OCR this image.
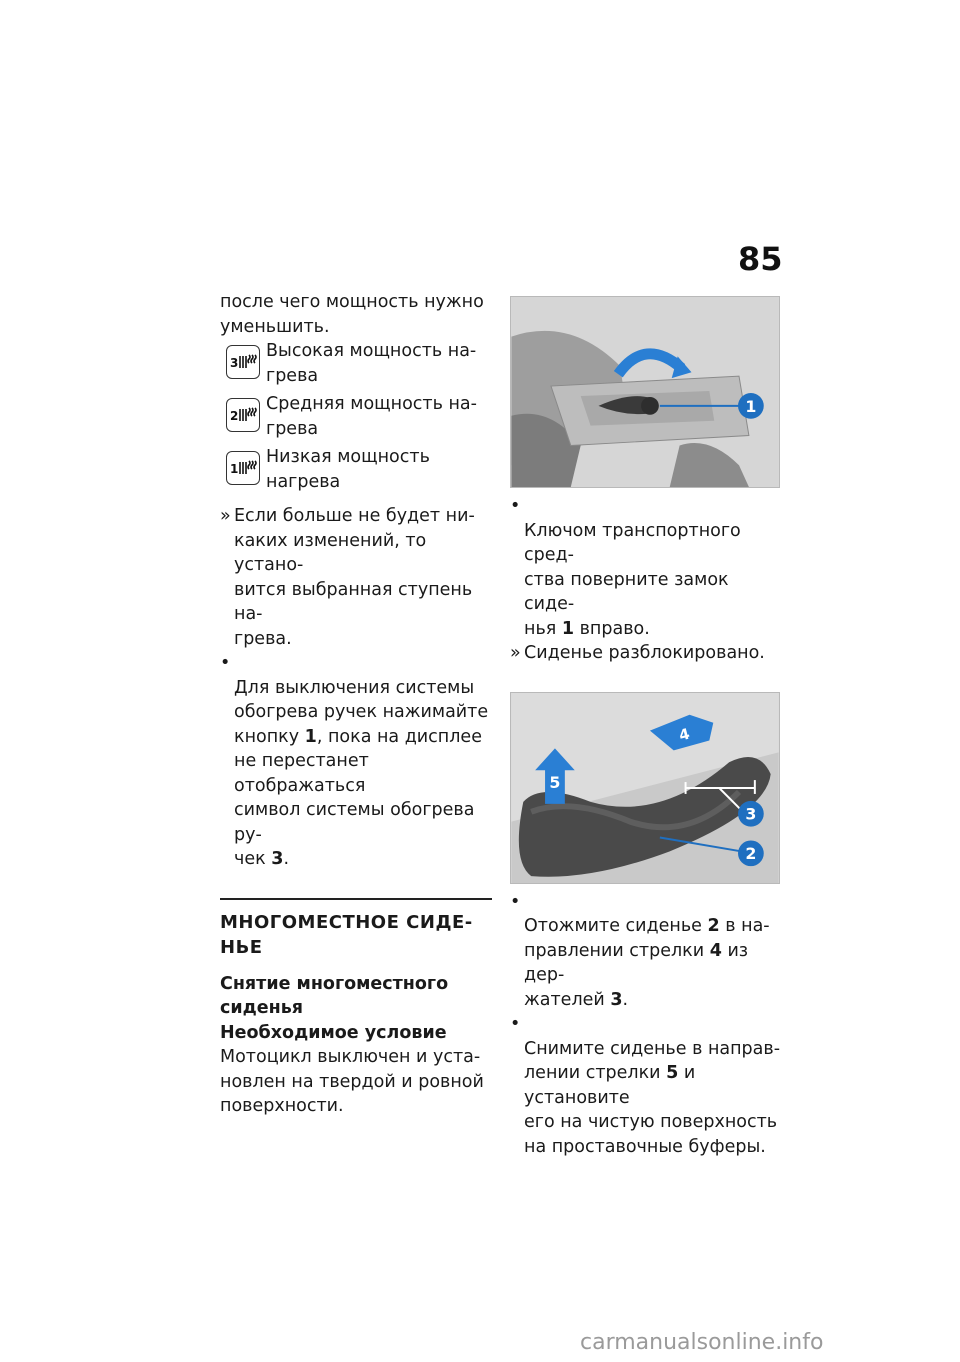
85

после чего мощность нужно
уменьшить.

3
Высокая мощность на-
грева
2
Средняя мощность на-
грева
1
Низкая мощность нагрева
» Если больше не будет ни-
каких изменений, то устано-
вится выбранная ступень на-
грева.

•
Для выключения системы
обогрева ручек нажимайте
кнопку 1, пока на дисплее
не перестанет отображаться
символ системы обогрева ру-
чек 3.

МНОГОМЕСТНОЕ СИДЕ-
НЬЕ
Снятие многоместного
сиденья
Необходимое условие

Мотоцикл выключен и уста-
новлен на твердой и ровной
поверхности.

1

•
Ключом транспортного сред-
ства поверните замок сиде-
нья 1 вправо.

» Сиденье разблокировано.
4
5
3
2

•
Отожмите сиденье 2 в на-
правлении стрелки 4 из дер-
жателей 3.

•
Снимите сиденье в направ-
лении стрелки 5 и установите
его на чистую поверхность
на проставочные буферы.

carmanualsonline.info
